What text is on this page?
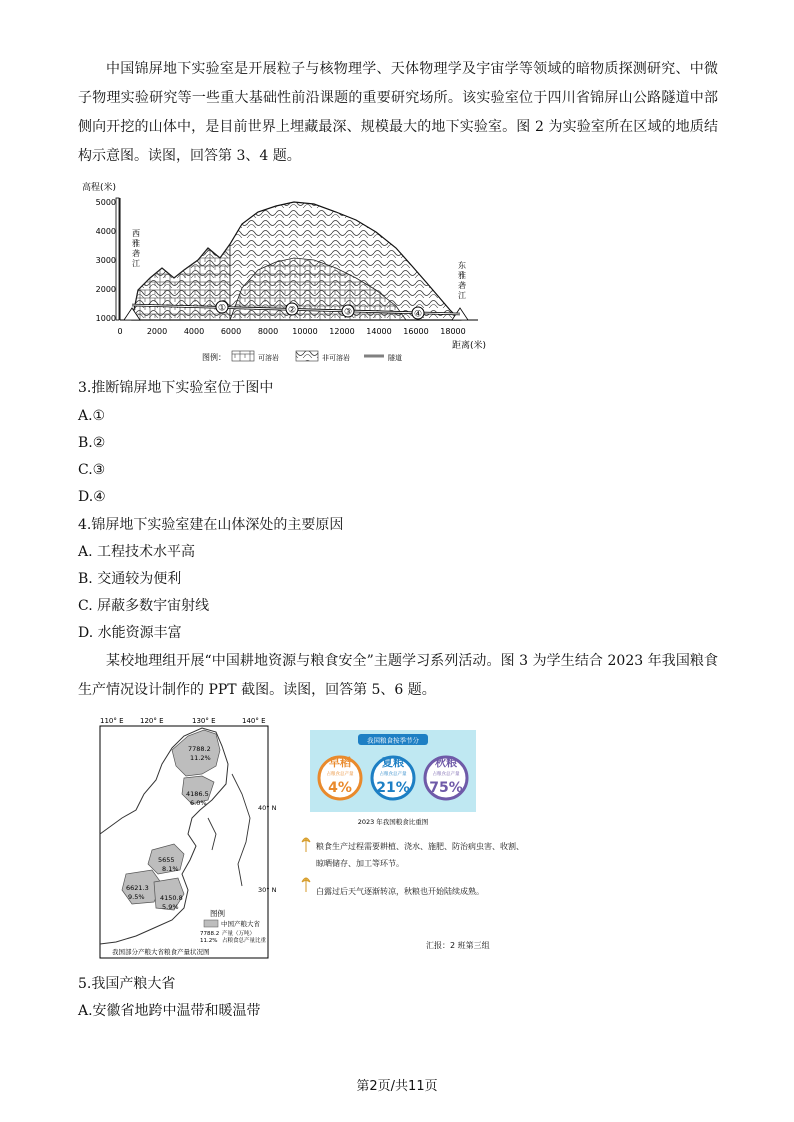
中国锦屏地下实验室是开展粒子与核物理学、天体物理学及宇宙学等领域的暗物质探测研究、中微子物理实验研究等一些重大基础性前沿课题的重要研究场所。该实验室位于四川省锦屏山公路隧道中部侧向开挖的山体中，是目前世界上埋藏最深、规模最大的地下实验室。图 2 为实验室所在区域的地质结构示意图。读图，回答第 3、4 题。
高程(米)
5000
4000
3000
2000
1000
西
雅
砻
江	东
雅
砻
江
①	②	③	④
0	2000 4000 6000 8000 10000 12000 14000 16000 18000
距离(米)
图例：	可溶岩	非可溶岩	隧道
3.推断锦屏地下实验室位于图中
A.①
B.②
C.③
D.④
4.锦屏地下实验室建在山体深处的主要原因
A. 工程技术水平高
B. 交通较为便利
C. 屏蔽多数宇宙射线
D. 水能资源丰富
某校地理组开展“中国耕地资源与粮食安全”主题学习系列活动。图 3 为学生结合 2023 年我国粮食生产情况设计制作的 PPT 截图。读图，回答第 5、6 题。
110° E 120° E	130° E	140° E
40° N
30° N
7788.2
11.2%
4186.5
6.0%
5655
8.1%
6621.3
9.5% 4150.8
5.9%
图例
中国产粮大省
7788.2
11.2%
产量（万吨）
占粮食总产量比重
我国部分产粮大省粮食产量状况图
我国粮食按季节分
早稻
占粮食总产量
4%
夏粮
占粮食总产量
21%
秋粮
占粮食总产量
75%
2023 年我国粮食比重图
粮食生产过程需要耕植、浇水、施肥、防治病虫害、收割、晾晒储存、加工等环节。
白露过后天气逐渐转凉，秋粮也开始陆续成熟。
汇报：2 班第三组
5.我国产粮大省
A.安徽省地跨中温带和暖温带
第2页/共11页
